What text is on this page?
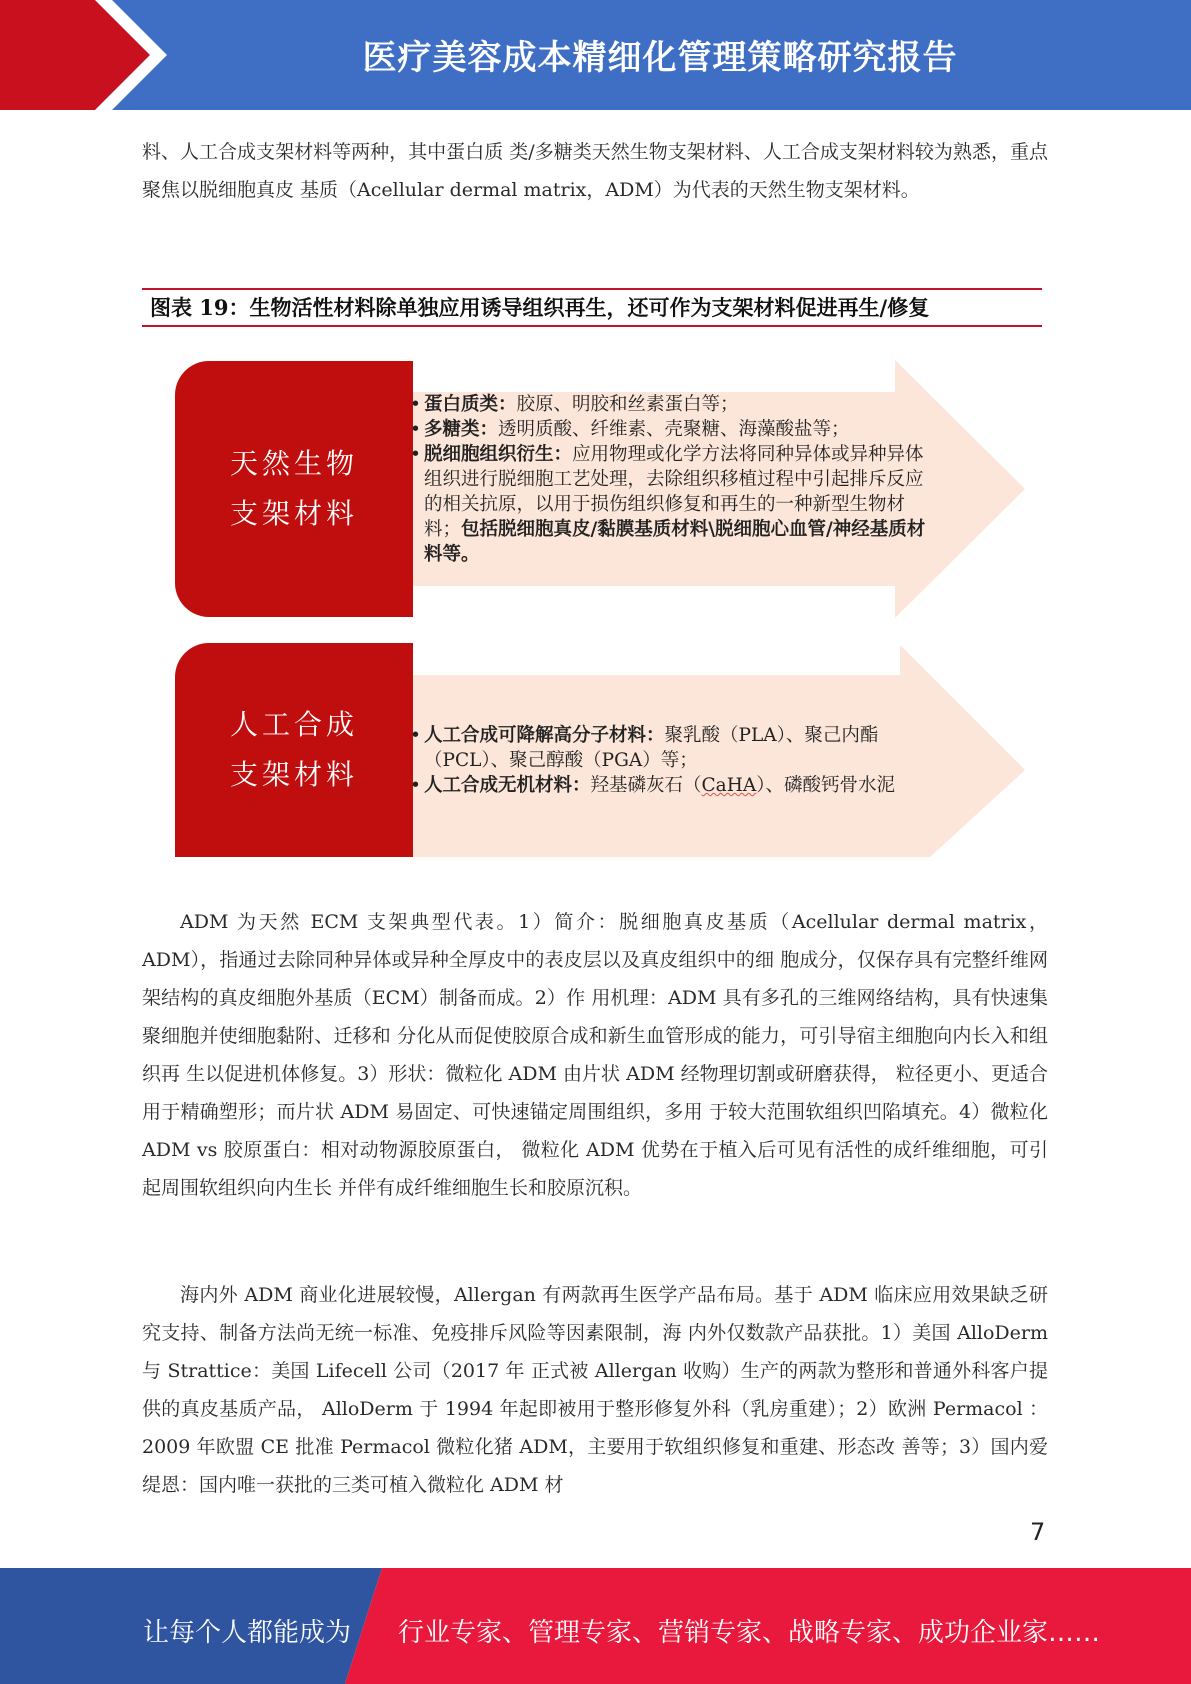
医疗美容成本精细化管理策略研究报告
料、人工合成支架材料等两种，其中蛋白质 类/多糖类天然生物支架材料、人工合成支架材料较为熟悉，重点聚焦以脱细胞真皮 基质（Acellular dermal matrix，ADM）为代表的天然生物支架材料。
图表 19：生物活性材料除单独应用诱导组织再生，还可作为支架材料促进再生/修复
天然生物
支架材料
• 蛋白质类：胶原、明胶和丝素蛋白等；
• 多糖类：透明质酸、纤维素、壳聚糖、海藻酸盐等；
• 脱细胞组织衍生：应用物理或化学方法将同种异体或异种异体组织进行脱细胞工艺处理，去除组织移植过程中引起排斥反应的相关抗原，以用于损伤组织修复和再生的一种新型生物材料；包括脱细胞真皮/黏膜基质材料\脱细胞心血管/神经基质材料等。
人工合成
支架材料
• 人工合成可降解高分子材料：聚乳酸（PLA）、聚己内酯（PCL）、聚己醇酸（PGA）等；
• 人工合成无机材料：羟基磷灰石（CaHA）、磷酸钙骨水泥
ADM 为天然 ECM 支架典型代表。1）简介：脱细胞真皮基质（Acellular dermal matrix，ADM），指通过去除同种异体或异种全厚皮中的表皮层以及真皮组织中的细 胞成分，仅保存具有完整纤维网架结构的真皮细胞外基质（ECM）制备而成。2）作 用机理：ADM 具有多孔的三维网络结构，具有快速集聚细胞并使细胞黏附、迁移和 分化从而促使胶原合成和新生血管形成的能力，可引导宿主细胞向内长入和组织再 生以促进机体修复。3）形状：微粒化 ADM 由片状 ADM 经物理切割或研磨获得， 粒径更小、更适合用于精确塑形；而片状 ADM 易固定、可快速锚定周围组织，多用 于较大范围软组织凹陷填充。4）微粒化 ADM vs 胶原蛋白：相对动物源胶原蛋白， 微粒化 ADM 优势在于植入后可见有活性的成纤维细胞，可引起周围软组织向内生长 并伴有成纤维细胞生长和胶原沉积。
海内外 ADM 商业化进展较慢，Allergan 有两款再生医学产品布局。基于 ADM 临床应用效果缺乏研究支持、制备方法尚无统一标准、免疫排斥风险等因素限制，海 内外仅数款产品获批。1）美国 AlloDerm 与 Strattice：美国 Lifecell 公司（2017 年 正式被 Allergan 收购）生产的两款为整形和普通外科客户提供的真皮基质产品， AlloDerm 于 1994 年起即被用于整形修复外科（乳房重建）；2）欧洲 Permacol ： 2009 年欧盟 CE 批准 Permacol 微粒化猪 ADM，主要用于软组织修复和重建、形态改 善等；3）国内爱缇恩：国内唯一获批的三类可植入微粒化 ADM 材
7
让每个人都能成为 行业专家、管理专家、营销专家、战略专家、成功企业家……
